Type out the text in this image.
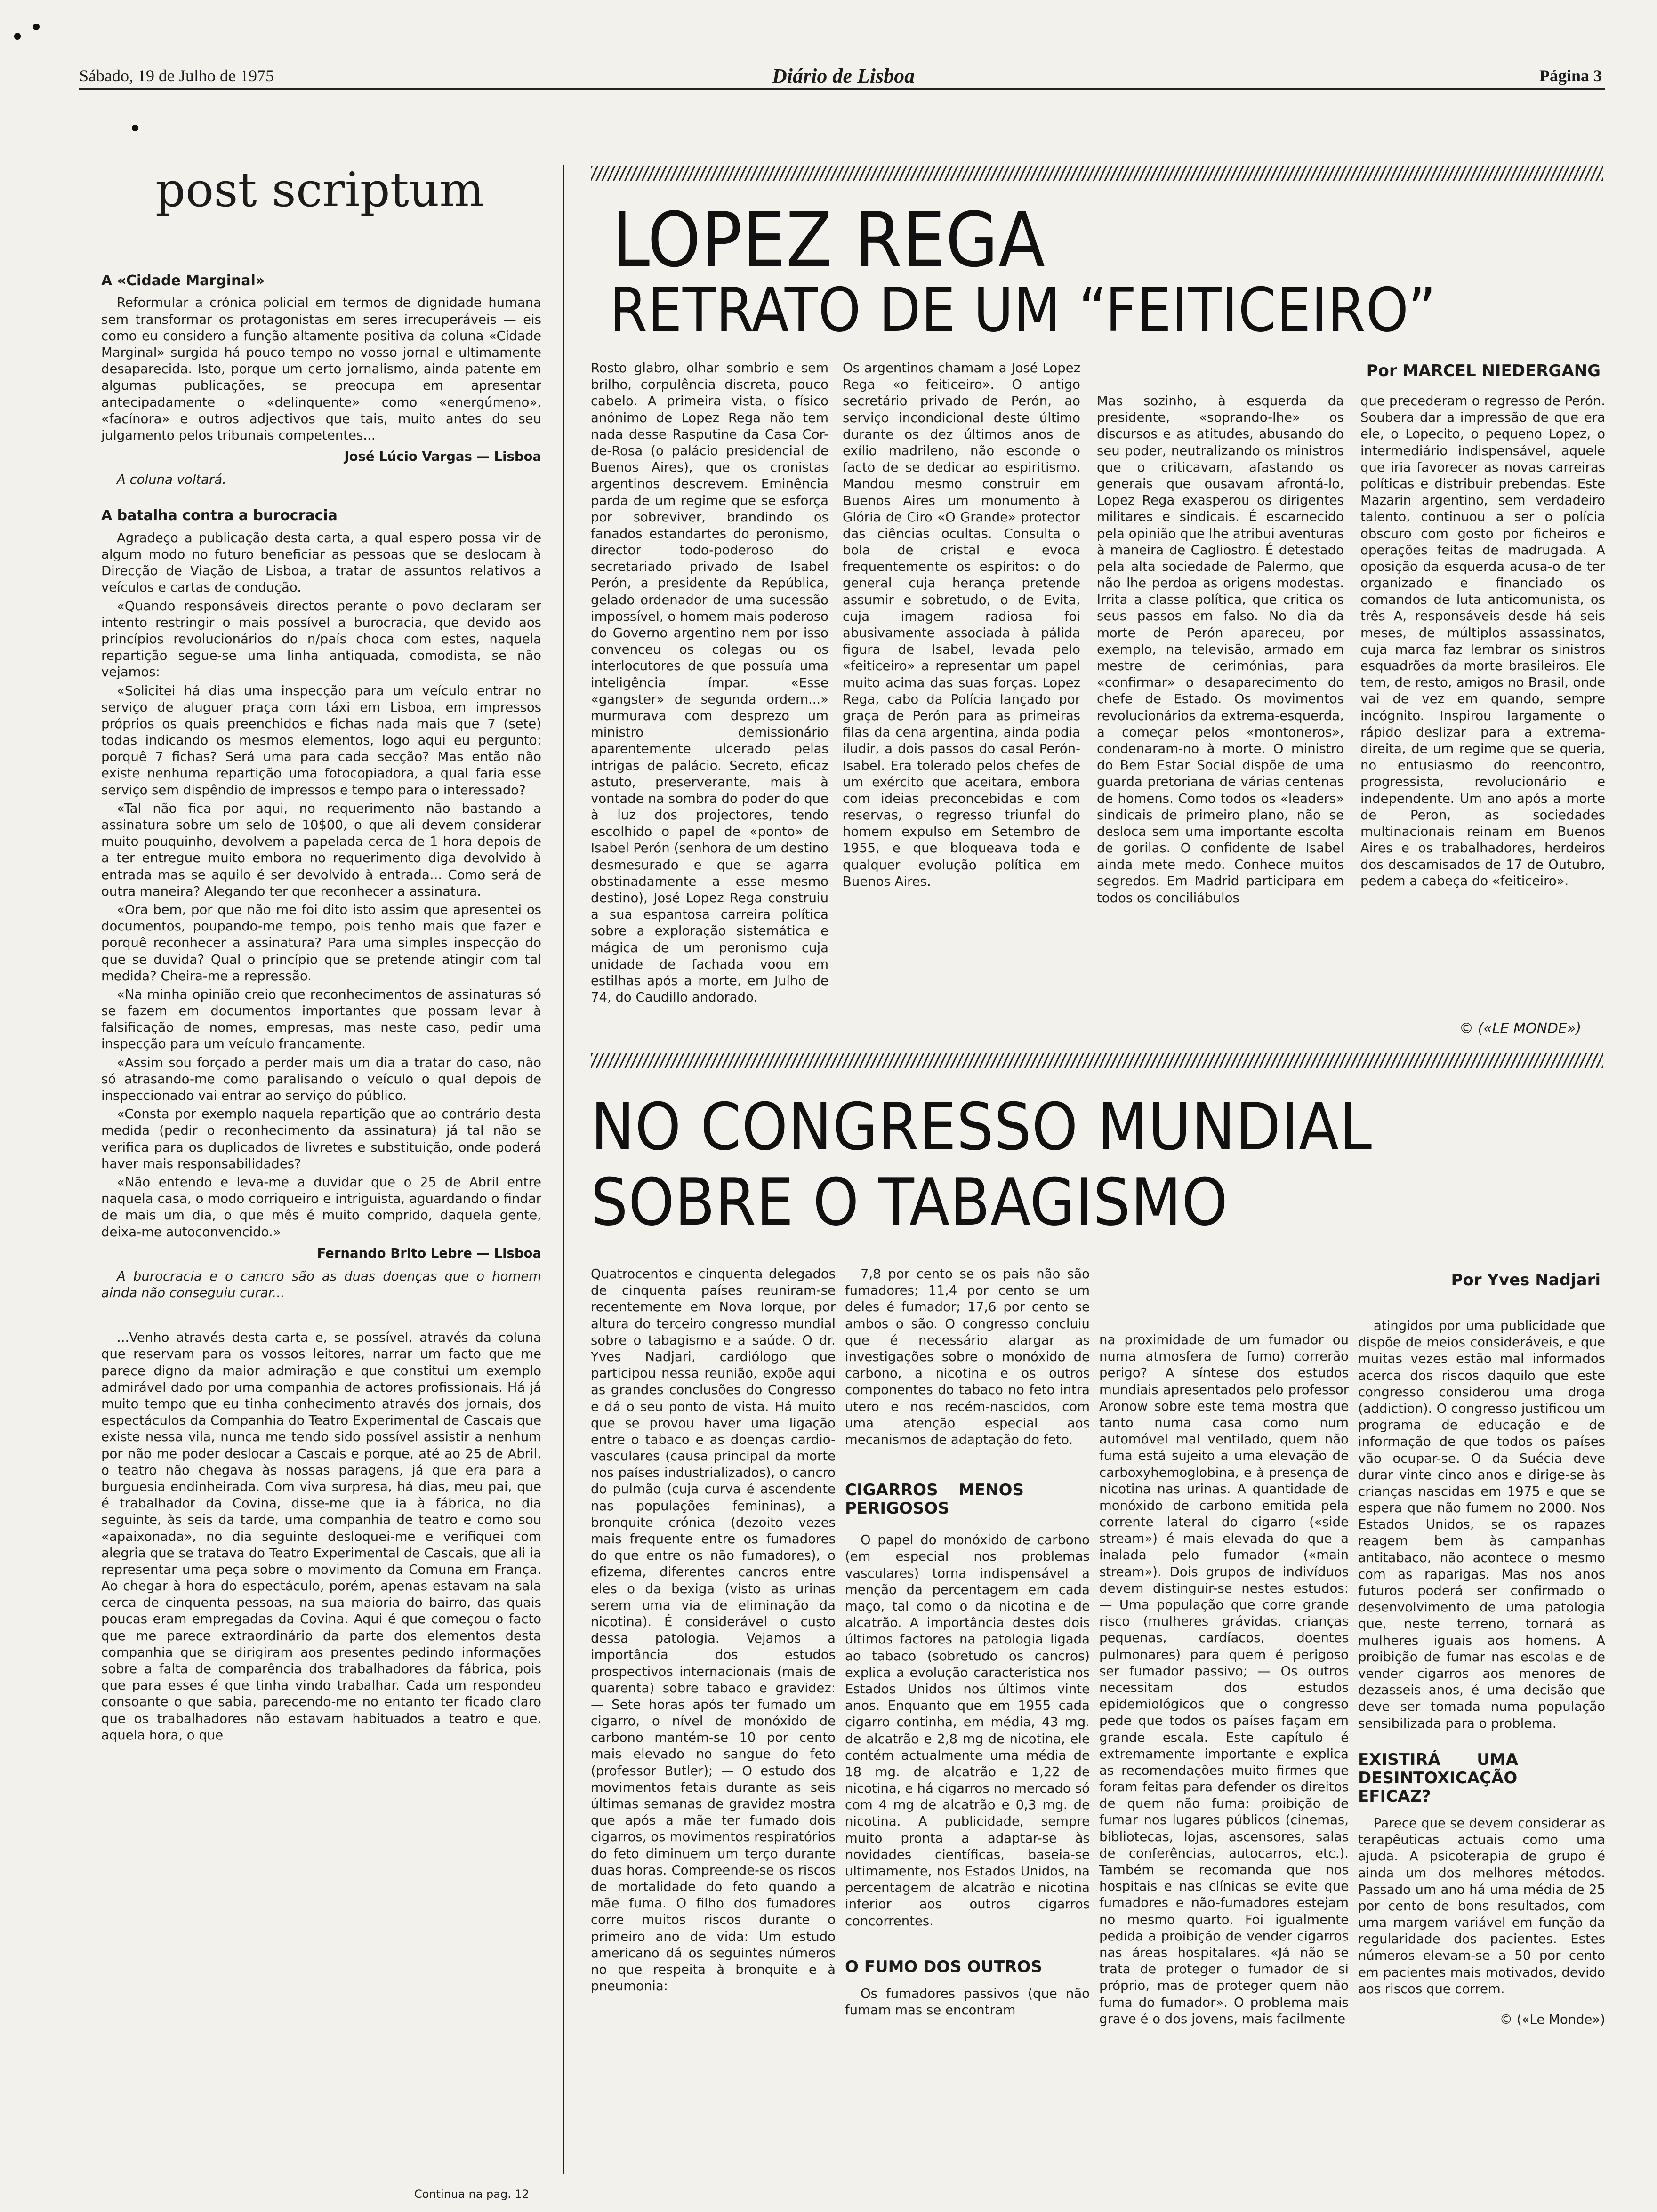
Sábado, 19 de Julho de 1975	Diário de Lisboa	Página 3
post scriptum
A «Cidade Marginal»

Reformular a crónica policial em termos de dignidade humana sem transformar os protagonistas em seres irrecuperáveis — eis como eu considero a função altamente positiva da coluna «Cidade Marginal» surgida há pouco tempo no vosso jornal e ultimamente desaparecida. Isto, porque um certo jornalismo, ainda patente em algumas publicações, se preocupa em apresentar antecipadamente o «delinquente» como «energúmeno», «facínora» e outros adjectivos que tais, muito antes do seu julgamento pelos tribunais competentes...

José Lúcio Vargas — Lisboa

A coluna voltará.

A batalha contra a burocracia

Agradeço a publicação desta carta, a qual espero possa vir de algum modo no futuro beneficiar as pessoas que se deslocam à Direcção de Viação de Lisboa, a tratar de assuntos relativos a veículos e cartas de condução.

«Quando responsáveis directos perante o povo declaram ser intento restringir o mais possível a burocracia, que devido aos princípios revolucionários do n/país choca com estes, naquela repartição segue-se uma linha antiquada, comodista, se não vejamos:

«Solicitei há dias uma inspecção para um veículo entrar no serviço de aluguer praça com táxi em Lisboa, em impressos próprios os quais preenchidos e fichas nada mais que 7 (sete) todas indicando os mesmos elementos, logo aqui eu pergunto: porquê 7 fichas? Será uma para cada secção? Mas então não existe nenhuma repartição uma fotocopiadora, a qual faria esse serviço sem dispêndio de impressos e tempo para o interessado?

«Tal não fica por aqui, no requerimento não bastando a assinatura sobre um selo de 10$00, o que ali devem considerar muito pouquinho, devolvem a papelada cerca de 1 hora depois de a ter entregue muito embora no requerimento diga devolvido à entrada mas se aquilo é ser devolvido à entrada... Como será de outra maneira? Alegando ter que reconhecer a assinatura.

«Ora bem, por que não me foi dito isto assim que apresentei os documentos, poupando-me tempo, pois tenho mais que fazer e porquê reconhecer a assinatura? Para uma simples inspecção do que se duvida? Qual o princípio que se pretende atingir com tal medida? Cheira-me a repressão.

«Na minha opinião creio que reconhecimentos de assinaturas só se fazem em documentos importantes que possam levar à falsificação de nomes, empresas, mas neste caso, pedir uma inspecção para um veículo francamente.

«Assim sou forçado a perder mais um dia a tratar do caso, não só atrasando-me como paralisando o veículo o qual depois de inspeccionado vai entrar ao serviço do público.

«Consta por exemplo naquela repartição que ao contrário desta medida (pedir o reconhecimento da assinatura) já tal não se verifica para os duplicados de livretes e substituição, onde poderá haver mais responsabilidades?

«Não entendo e leva-me a duvidar que o 25 de Abril entre naquela casa, o modo corriqueiro e intriguista, aguardando o findar de mais um dia, o que mês é muito comprido, daquela gente, deixa-me autoconvencido.»

Fernando Brito Lebre — Lisboa

A burocracia e o cancro são as duas doenças que o homem ainda não conseguiu curar...

...Venho através desta carta e, se possível, através da coluna que reservam para os vossos leitores, narrar um facto que me parece digno da maior admiração e que constitui um exemplo admirável dado por uma companhia de actores profissionais. Há já muito tempo que eu tinha conhecimento através dos jornais, dos espectáculos da Companhia do Teatro Experimental de Cascais que existe nessa vila, nunca me tendo sido possível assistir a nenhum por não me poder deslocar a Cascais e porque, até ao 25 de Abril, o teatro não chegava às nossas paragens, já que era para a burguesia endinheirada. Com viva surpresa, há dias, meu pai, que é trabalhador da Covina, disse-me que ia à fábrica, no dia seguinte, às seis da tarde, uma companhia de teatro e como sou «apaixonada», no dia seguinte desloquei-me e verifiquei com alegria que se tratava do Teatro Experimental de Cascais, que ali ia representar uma peça sobre o movimento da Comuna em França. Ao chegar à hora do espectáculo, porém, apenas estavam na sala cerca de cinquenta pessoas, na sua maioria do bairro, das quais poucas eram empregadas da Covina. Aqui é que começou o facto que me parece extraordinário da parte dos elementos desta companhia que se dirigiram aos presentes pedindo informações sobre a falta de comparência dos trabalhadores da fábrica, pois que para esses é que tinha vindo trabalhar. Cada um respondeu consoante o que sabia, parecendo-me no entanto ter ficado claro que os trabalhadores não estavam habituados a teatro e que, aquela hora, o que

Continua na pag. 12
LOPEZ REGA
RETRATO DE UM “FEITICEIRO”
Por MARCEL NIEDERGANG
Rosto glabro, olhar sombrio e sem brilho, corpulência discreta, pouco cabelo. A primeira vista, o físico anónimo de Lopez Rega não tem nada desse Rasputine da Casa Cor-de-Rosa (o palácio presidencial de Buenos Aires), que os cronistas argentinos descrevem. Eminência parda de um regime que se esforça por sobreviver, brandindo os fanados estandartes do peronismo, director todo-poderoso do secretariado privado de Isabel Perón, a presidente da República, gelado ordenador de uma sucessão impossível, o homem mais poderoso do Governo argentino nem por isso convenceu os colegas ou os interlocutores de que possuía uma inteligência ímpar. «Esse «gangster» de segunda ordem...» murmurava com desprezo um ministro demissionário aparentemente ulcerado pelas intrigas de palácio. Secreto, eficaz astuto, preserverante, mais à vontade na sombra do poder do que à luz dos projectores, tendo escolhido o papel de «ponto» de Isabel Perón (senhora de um destino desmesurado e que se agarra obstinadamente a esse mesmo destino), José Lopez Rega construiu a sua espantosa carreira política sobre a exploração sistemática e mágica de um peronismo cuja unidade de fachada voou em estilhas após a morte, em Julho de 74, do Caudillo andorado.
Os argentinos chamam a José Lopez Rega «o feiticeiro». O antigo secretário privado de Perón, ao serviço incondicional deste último durante os dez últimos anos de exílio madrileno, não esconde o facto de se dedicar ao espiritismo. Mandou mesmo construir em Buenos Aires um monumento à Glória de Ciro «O Grande» protector das ciências ocultas. Consulta o bola de cristal e evoca frequentemente os espíritos: o do general cuja herança pretende assumir e sobretudo, o de Evita, cuja imagem radiosa foi abusivamente associada à pálida figura de Isabel, levada pelo «feiticeiro» a representar um papel muito acima das suas forças. Lopez Rega, cabo da Polícia lançado por graça de Perón para as primeiras filas da cena argentina, ainda podia iludir, a dois passos do casal Perón-Isabel. Era tolerado pelos chefes de um exército que aceitara, embora com ideias preconcebidas e com reservas, o regresso triunfal do homem expulso em Setembro de 1955, e que bloqueava toda e qualquer evolução política em Buenos Aires.
Mas sozinho, à esquerda da presidente, «soprando-lhe» os discursos e as atitudes, abusando do seu poder, neutralizando os ministros que o criticavam, afastando os generais que ousavam afrontá-lo, Lopez Rega exasperou os dirigentes militares e sindicais. É escarnecido pela opinião que lhe atribui aventuras à maneira de Cagliostro. É detestado pela alta sociedade de Palermo, que não lhe perdoa as origens modestas. Irrita a classe política, que critica os seus passos em falso. No dia da morte de Perón apareceu, por exemplo, na televisão, armado em mestre de cerimónias, para «confirmar» o desaparecimento do chefe de Estado. Os movimentos revolucionários da extrema-esquerda, a começar pelos «montoneros», condenaram-no à morte. O ministro do Bem Estar Social dispõe de uma guarda pretoriana de várias centenas de homens. Como todos os «leaders» sindicais de primeiro plano, não se desloca sem uma importante escolta de gorilas. O confidente de Isabel ainda mete medo. Conhece muitos segredos. Em Madrid participara em todos os conciliábulos
que precederam o regresso de Perón. Soubera dar a impressão de que era ele, o Lopecito, o pequeno Lopez, o intermediário indispensável, aquele que iria favorecer as novas carreiras políticas e distribuir prebendas. Este Mazarin argentino, sem verdadeiro talento, continuou a ser o polícia obscuro com gosto por ficheiros e operações feitas de madrugada. A oposição da esquerda acusa-o de ter organizado e financiado os comandos de luta anticomunista, os três A, responsáveis desde há seis meses, de múltiplos assassinatos, cuja marca faz lembrar os sinistros esquadrões da morte brasileiros. Ele tem, de resto, amigos no Brasil, onde vai de vez em quando, sempre incógnito. Inspirou largamente o rápido deslizar para a extrema-direita, de um regime que se queria, no entusiasmo do reencontro, progressista, revolucionário e independente. Um ano após a morte de Peron, as sociedades multinacionais reinam em Buenos Aires e os trabalhadores, herdeiros dos descamisados de 17 de Outubro, pedem a cabeça do «feiticeiro».
© («LE MONDE»)
NO CONGRESSO MUNDIAL
SOBRE O TABAGISMO
Por Yves Nadjari
Quatrocentos e cinquenta delegados de cinquenta países reuniram-se recentemente em Nova Iorque, por altura do terceiro congresso mundial sobre o tabagismo e a saúde. O dr. Yves Nadjari, cardiólogo que participou nessa reunião, expõe aqui as grandes conclusões do Congresso e dá o seu ponto de vista. Há muito que se provou haver uma ligação entre o tabaco e as doenças cardio-vasculares (causa principal da morte nos países industrializados), o cancro do pulmão (cuja curva é ascendente nas populações femininas), a bronquite crónica (dezoito vezes mais frequente entre os fumadores do que entre os não fumadores), o efizema, diferentes cancros entre eles o da bexiga (visto as urinas serem uma via de eliminação da nicotina). É considerável o custo dessa patologia. Vejamos a importância dos estudos prospectivos internacionais (mais de quarenta) sobre tabaco e gravidez: — Sete horas após ter fumado um cigarro, o nível de monóxido de carbono mantém-se 10 por cento mais elevado no sangue do feto (professor Butler); — O estudo dos movimentos fetais durante as seis últimas semanas de gravidez mostra que após a mãe ter fumado dois cigarros, os movimentos respiratórios do feto diminuem um terço durante duas horas. Compreende-se os riscos de mortalidade do feto quando a mãe fuma. O filho dos fumadores corre muitos riscos durante o primeiro ano de vida: Um estudo americano dá os seguintes números no que respeita à bronquite e à pneumonia:

7,8 por cento se os pais não são fumadores; 11,4 por cento se um deles é fumador; 17,6 por cento se ambos o são. O congresso concluiu que é necessário alargar as investigações sobre o monóxido de carbono, a nicotina e os outros componentes do tabaco no feto intra utero e nos recém-nascidos, com uma atenção especial aos mecanismos de adaptação do feto.

CIGARROS MENOS PERIGOSOS

O papel do monóxido de carbono (em especial nos problemas vasculares) torna indispensável a menção da percentagem em cada maço, tal como o da nicotina e de alcatrão. A importância destes dois últimos factores na patologia ligada ao tabaco (sobretudo os cancros) explica a evolução característica nos Estados Unidos nos últimos vinte anos. Enquanto que em 1955 cada cigarro continha, em média, 43 mg. de alcatrão e 2,8 mg de nicotina, ele contém actualmente uma média de 18 mg. de alcatrão e 1,22 de nicotina, e há cigarros no mercado só com 4 mg de alcatrão e 0,3 mg. de nicotina. A publicidade, sempre muito pronta a adaptar-se às novidades científicas, baseia-se ultimamente, nos Estados Unidos, na percentagem de alcatrão e nicotina inferior aos outros cigarros concorrentes.

O FUMO DOS OUTROS

Os fumadores passivos (que não fumam mas se encontram

na proximidade de um fumador ou numa atmosfera de fumo) correrão perigo? A síntese dos estudos mundiais apresentados pelo professor Aronow sobre este tema mostra que tanto numa casa como num automóvel mal ventilado, quem não fuma está sujeito a uma elevação de carboxyhemoglobina, e à presença de nicotina nas urinas. A quantidade de monóxido de carbono emitida pela corrente lateral do cigarro («side stream») é mais elevada do que a inalada pelo fumador («main stream»). Dois grupos de indivíduos devem distinguir-se nestes estudos: — Uma população que corre grande risco (mulheres grávidas, crianças pequenas, cardíacos, doentes pulmonares) para quem é perigoso ser fumador passivo; — Os outros necessitam dos estudos epidemiológicos que o congresso pede que todos os países façam em grande escala. Este capítulo é extremamente importante e explica as recomendações muito firmes que foram feitas para defender os direitos de quem não fuma: proibição de fumar nos lugares públicos (cinemas, bibliotecas, lojas, ascensores, salas de conferências, autocarros, etc.). Também se recomanda que nos hospitais e nas clínicas se evite que fumadores e não-fumadores estejam no mesmo quarto. Foi igualmente pedida a proibição de vender cigarros nas áreas hospitalares. «Já não se trata de proteger o fumador de si próprio, mas de proteger quem não fuma do fumador». O problema mais grave é o dos jovens, mais facilmente

atingidos por uma publicidade que dispõe de meios consideráveis, e que muitas vezes estão mal informados acerca dos riscos daquilo que este congresso considerou uma droga (addiction). O congresso justificou um programa de educação e de informação de que todos os países vão ocupar-se. O da Suécia deve durar vinte cinco anos e dirige-se às crianças nascidas em 1975 e que se espera que não fumem no 2000. Nos Estados Unidos, se os rapazes reagem bem às campanhas antitabaco, não acontece o mesmo com as raparigas. Mas nos anos futuros poderá ser confirmado o desenvolvimento de uma patologia que, neste terreno, tornará as mulheres iguais aos homens. A proibição de fumar nas escolas e de vender cigarros aos menores de dezasseis anos, é uma decisão que deve ser tomada numa população sensibilizada para o problema.

EXISTIRÁ UMA DESINTOXICAÇÃO EFICAZ?

Parece que se devem considerar as terapêuticas actuais como uma ajuda. A psicoterapia de grupo é ainda um dos melhores métodos. Passado um ano há uma média de 25 por cento de bons resultados, com uma margem variável em função da regularidade dos pacientes. Estes números elevam-se a 50 por cento em pacientes mais motivados, devido aos riscos que correm.

© («Le Monde»)
